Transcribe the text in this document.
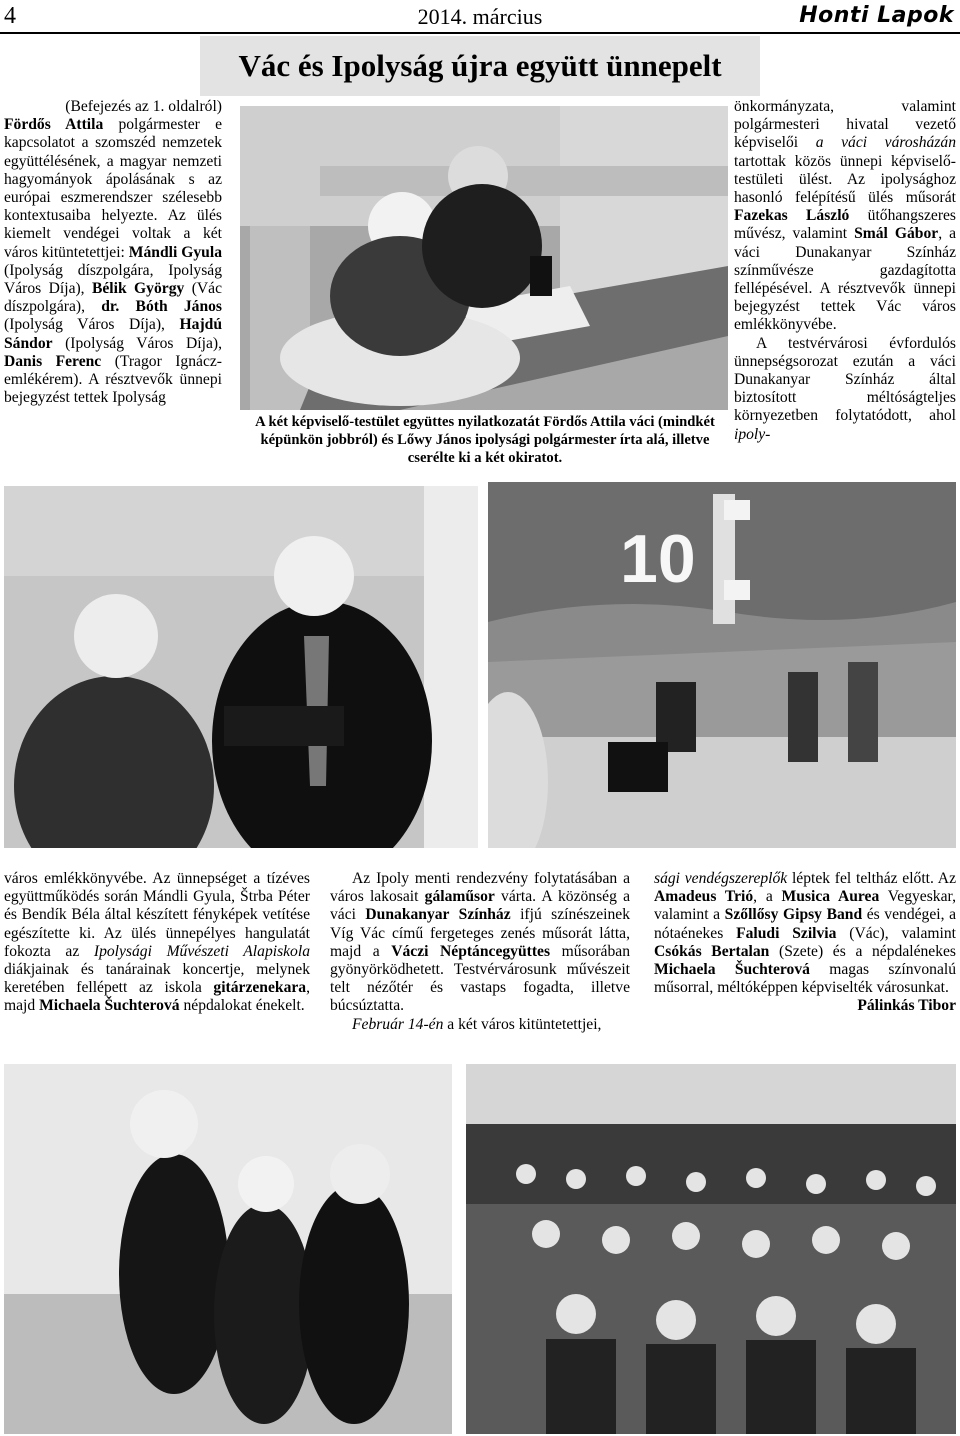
4	2014. március	Honti Lapok
Vác és Ipolyság újra együtt ünnepelt

(Befejezés az 1. oldalról)

Fördős Attila polgármester e kapcsolatot a szomszéd nemzetek együttélésének, a magyar nemzeti hagyományok ápolásának s az európai eszmerendszer szélesebb kontextusaiba helyezte. Az ülés kiemelt vendégei voltak a két város kitüntetettjei: Mándli Gyula (Ipolyság díszpolgára, Ipolyság Város Díja), Bélik György (Vác díszpolgára), dr. Bóth János (Ipolyság Város Díja), Hajdú Sándor (Ipolyság Város Díja), Danis Ferenc (Tragor Ignácz-emlékérem). A résztvevők ünnepi bejegyzést tettek Ipolyság

A két képviselő-testület együttes nyilatkozatát Fördős Attila váci (mindkét képünkön jobbról) és Lőwy János ipolysági polgármester írta alá, illetve cserélte ki a két okiratot.

önkormányzata, valamint polgármesteri hivatal vezető képviselői a váci városházán tartottak közös ünnepi képviselő-testületi ülést. Az ipolysághoz hasonló felépítésű ülés műsorát Fazekas László ütőhangszeres művész, valamint Smál Gábor, a váci Dunakanyar Színház színművésze gazdagította fellépésével. A résztvevők ünnepi bejegyzést tettek Vác város emlékkönyvébe.

A testvérvárosi évfordulós ünnepségsorozat ezután a váci Dunakanyar Színház által biztosított méltóságteljes környezetben folytatódott, ahol ipoly-

10

város emlékkönyvébe. Az ünnepséget a tízéves együttműködés során Mándli Gyula, Štrba Péter és Bendík Béla által készített fényképek vetítése egészítette ki. Az ülés ünnepélyes hangulatát fokozta az Ipolysági Művészeti Alapiskola diákjainak és tanárainak koncertje, melynek keretében fellépett az iskola gitárzenekara, majd Michaela Šuchterová népdalokat énekelt.

Az Ipoly menti rendezvény folytatásában a város lakosait gálaműsor várta. A közönség a váci Dunakanyar Színház ifjú színészeinek Víg Vác című fergeteges zenés műsorát látta, majd a Váczi Néptáncegyüttes műsorában gyönyörködhetett. Testvérvárosunk művészeit telt nézőtér és vastaps fogadta, illetve búcsúztatta.

Február 14-én a két város kitüntetettjei,

sági vendégszereplők léptek fel teltház előtt. Az Amadeus Trió, a Musica Aurea Vegyeskar, valamint a Szőllősy Gipsy Band és vendégei, a nótaénekes Faludi Szilvia (Vác), valamint Csókás Bertalan (Szete) és a népdalénekes Michaela Šuchterová magas színvonalú műsorral, méltóképpen képviselték városunkat.

Pálinkás Tibor
